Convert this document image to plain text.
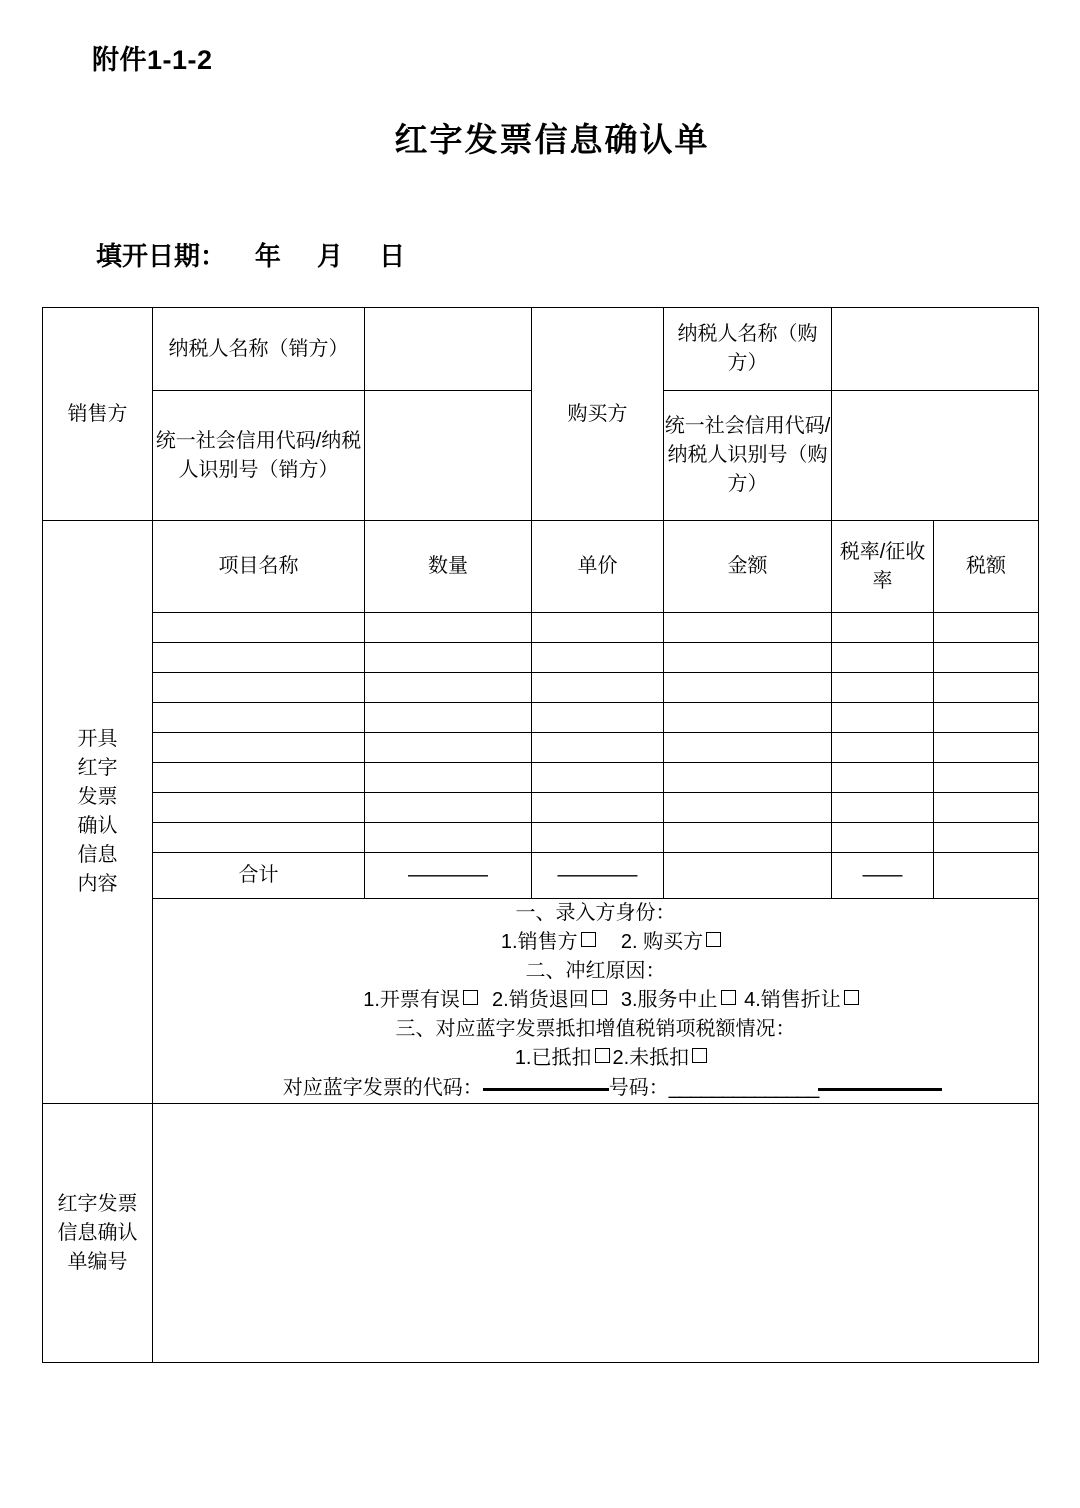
附件1-1-2
红字发票信息确认单
填开日期：    年     月     日
销售方	纳税人名称（销方）		购买方	纳税人名称（购方）		
	统一社会信用代码/纳税人识别号（销方）			统一社会信用代码/纳税人识别号（购方）		

开具
红字
发票
确认
信息
内容
	项目名称	数量	单价	金额	税率/征收率	税额

	合计	————	————		——	

一、录入方身份：
1.销售方 2. 购买方
二、冲红原因：
1.开票有误 2.销货退回 3.服务中止 4.销售折让
三、对应蓝字发票抵扣增值税销项税额情况：
1.已抵扣 2.未抵扣
对应蓝字发票的代码：	号码：______________

红字发票
信息确认
单编号						
